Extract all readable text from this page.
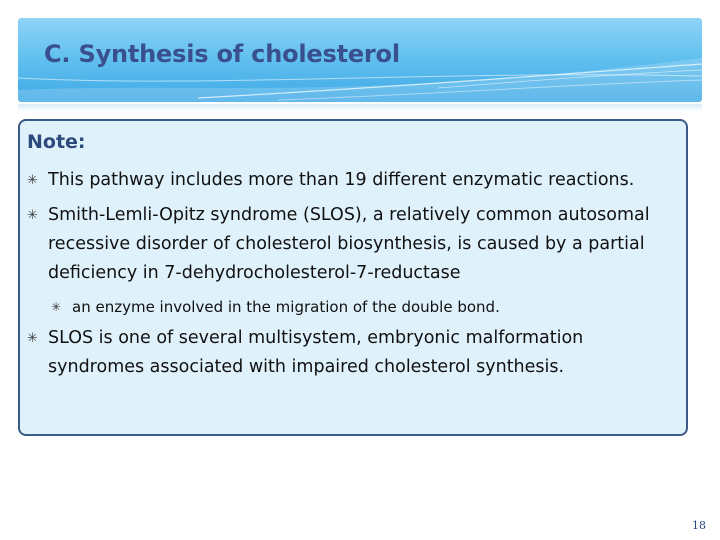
C. Synthesis of cholesterol
Note:
✳ This pathway includes more than 19 different enzymatic reactions.
✳ Smith-Lemli-Opitz syndrome (SLOS), a relatively common autosomal recessive disorder of cholesterol biosynthesis, is caused by a partial deficiency in 7-dehydrocholesterol-7-reductase
✳ an enzyme involved in the migration of the double bond.
✳ SLOS is one of several multisystem, embryonic malformation syndromes associated with impaired cholesterol synthesis.
18
